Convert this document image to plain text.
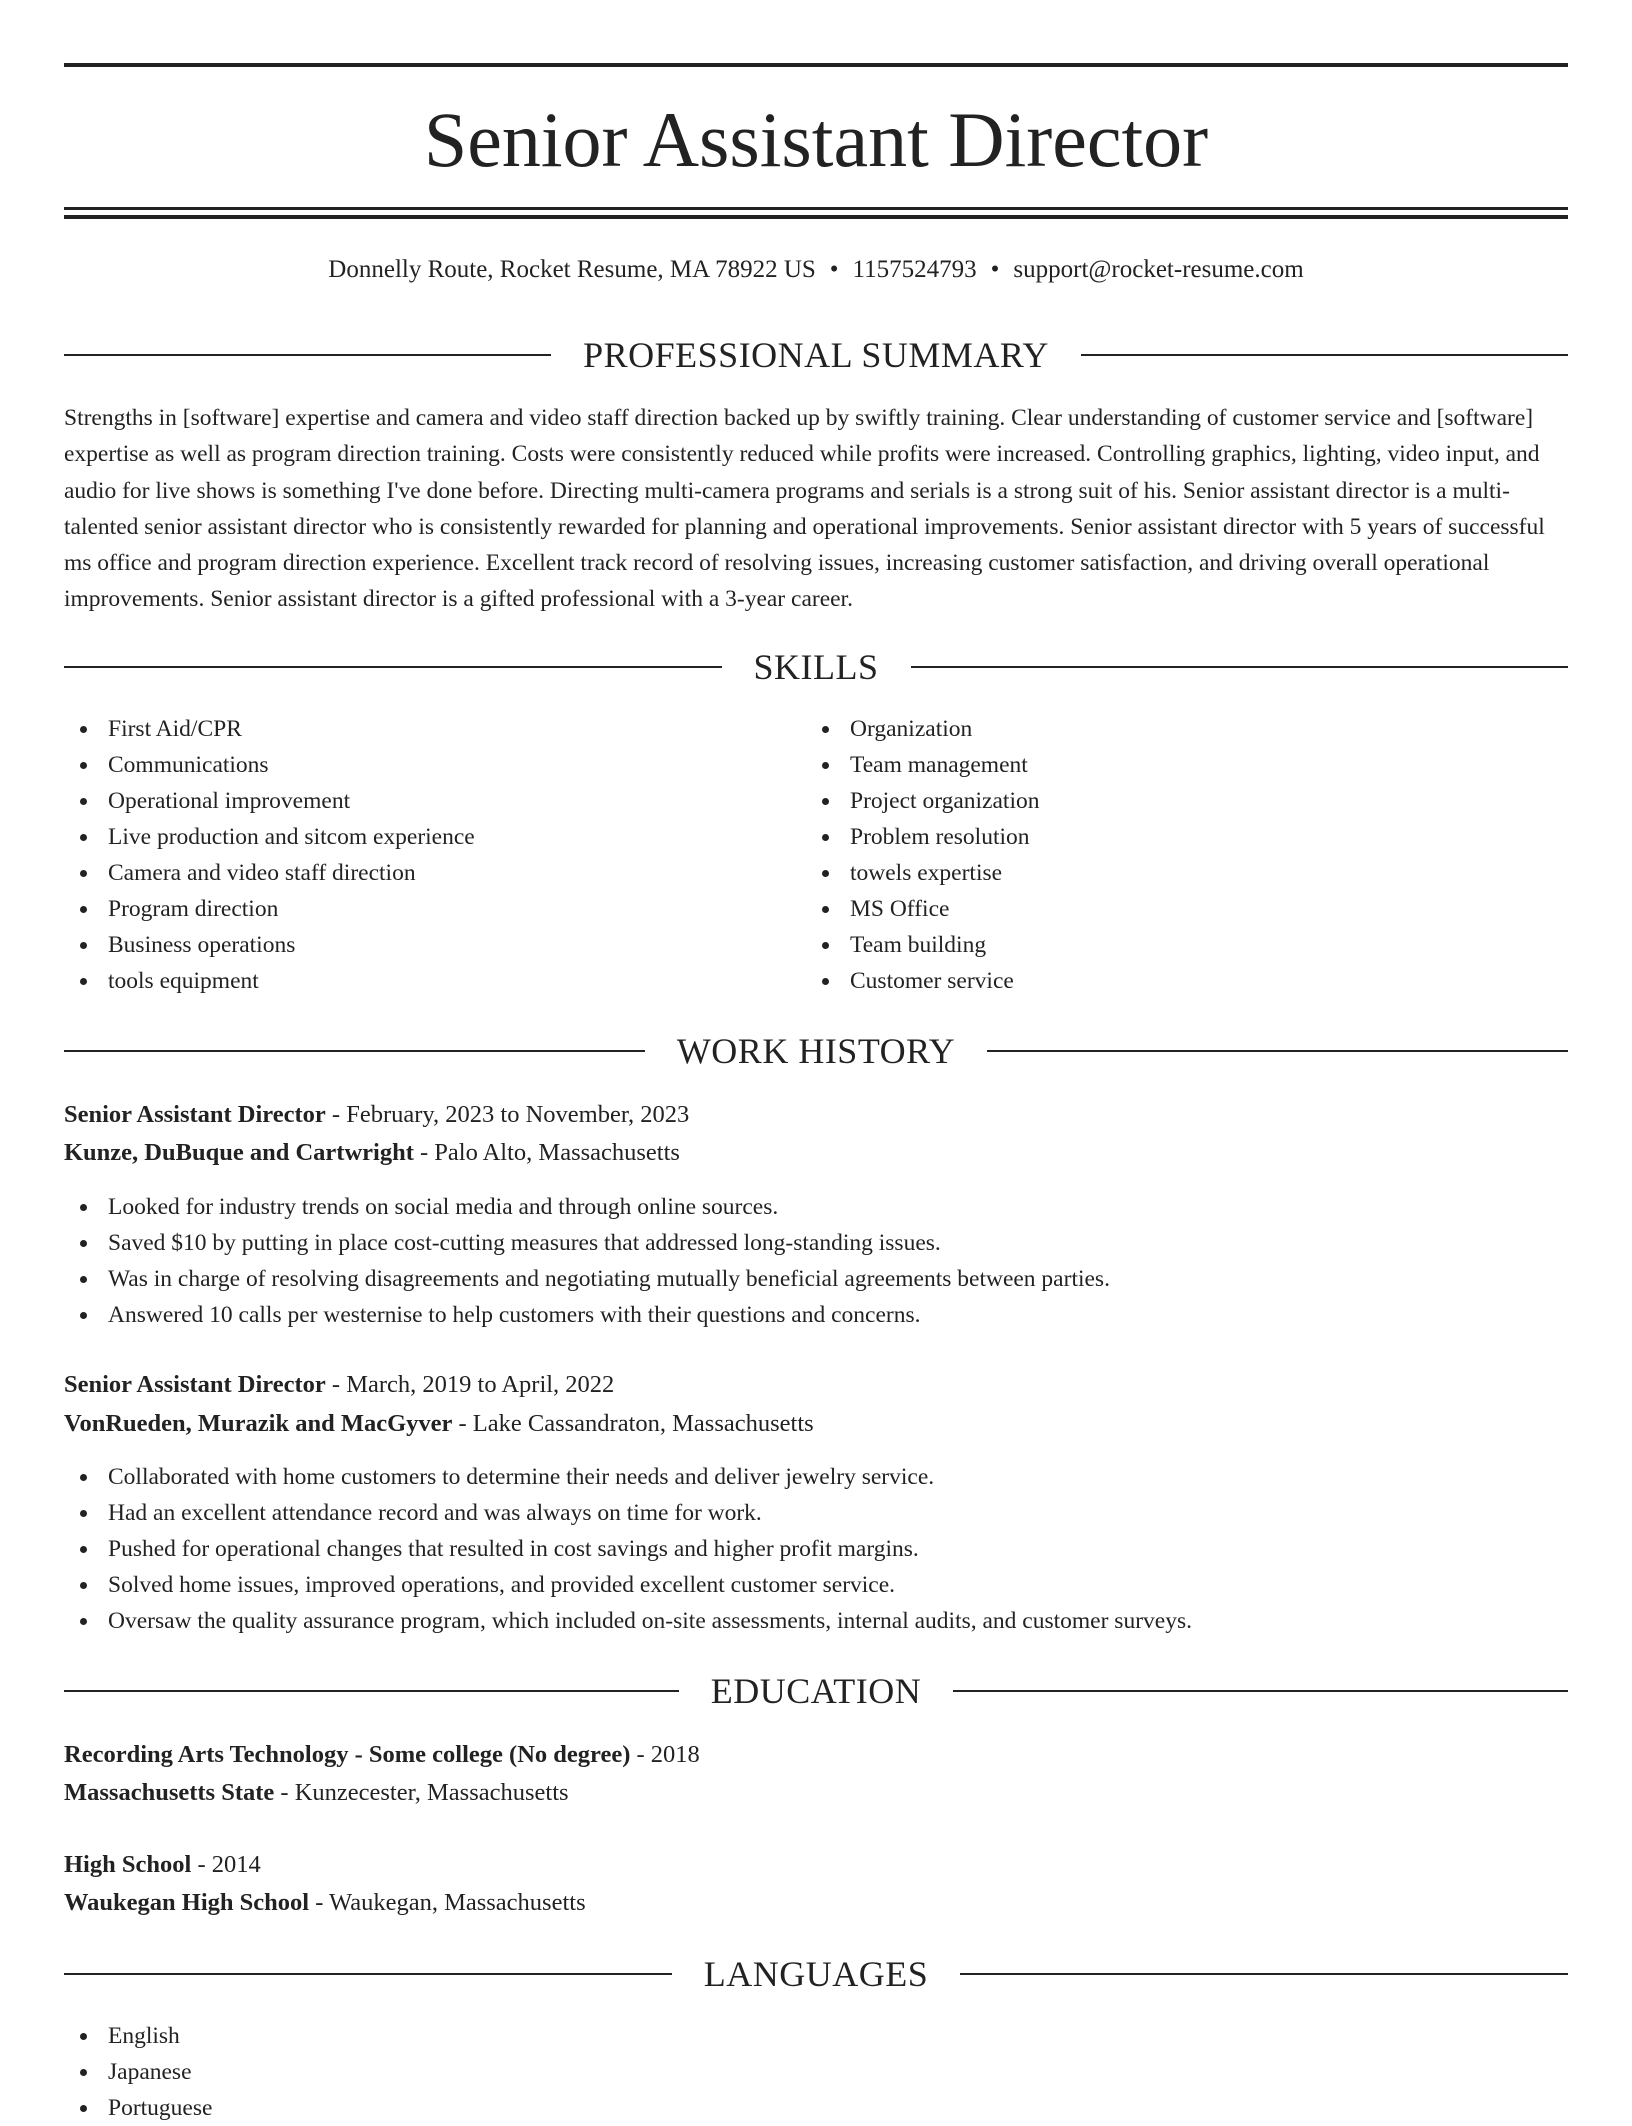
Senior Assistant Director
Donnelly Route, Rocket Resume, MA 78922 US • 1157524793 • support@rocket-resume.com
PROFESSIONAL SUMMARY

Strengths in [software] expertise and camera and video staff direction backed up by swiftly training. Clear understanding of customer service and [software] expertise as well as program direction training. Costs were consistently reduced while profits were increased. Controlling graphics, lighting, video input, and audio for live shows is something I've done before. Directing multi-camera programs and serials is a strong suit of his. Senior assistant director is a multi-talented senior assistant director who is consistently rewarded for planning and operational improvements. Senior assistant director with 5 years of successful ms office and program direction experience. Excellent track record of resolving issues, increasing customer satisfaction, and driving overall operational improvements. Senior assistant director is a gifted professional with a 3-year career.

SKILLS
First Aid/CPR
Communications
Operational improvement
Live production and sitcom experience
Camera and video staff direction
Program direction
Business operations
tools equipment
Organization
Team management
Project organization
Problem resolution
towels expertise
MS Office
Team building
Customer service
WORK HISTORY
Senior Assistant Director - February, 2023 to November, 2023
Kunze, DuBuque and Cartwright - Palo Alto, Massachusetts
Looked for industry trends on social media and through online sources.
Saved $10 by putting in place cost-cutting measures that addressed long-standing issues.
Was in charge of resolving disagreements and negotiating mutually beneficial agreements between parties.
Answered 10 calls per westernise to help customers with their questions and concerns.
Senior Assistant Director - March, 2019 to April, 2022
VonRueden, Murazik and MacGyver - Lake Cassandraton, Massachusetts
Collaborated with home customers to determine their needs and deliver jewelry service.
Had an excellent attendance record and was always on time for work.
Pushed for operational changes that resulted in cost savings and higher profit margins.
Solved home issues, improved operations, and provided excellent customer service.
Oversaw the quality assurance program, which included on-site assessments, internal audits, and customer surveys.
EDUCATION
Recording Arts Technology - Some college (No degree) - 2018
Massachusetts State - Kunzecester, Massachusetts
High School - 2014
Waukegan High School - Waukegan, Massachusetts
LANGUAGES
English
Japanese
Portuguese
